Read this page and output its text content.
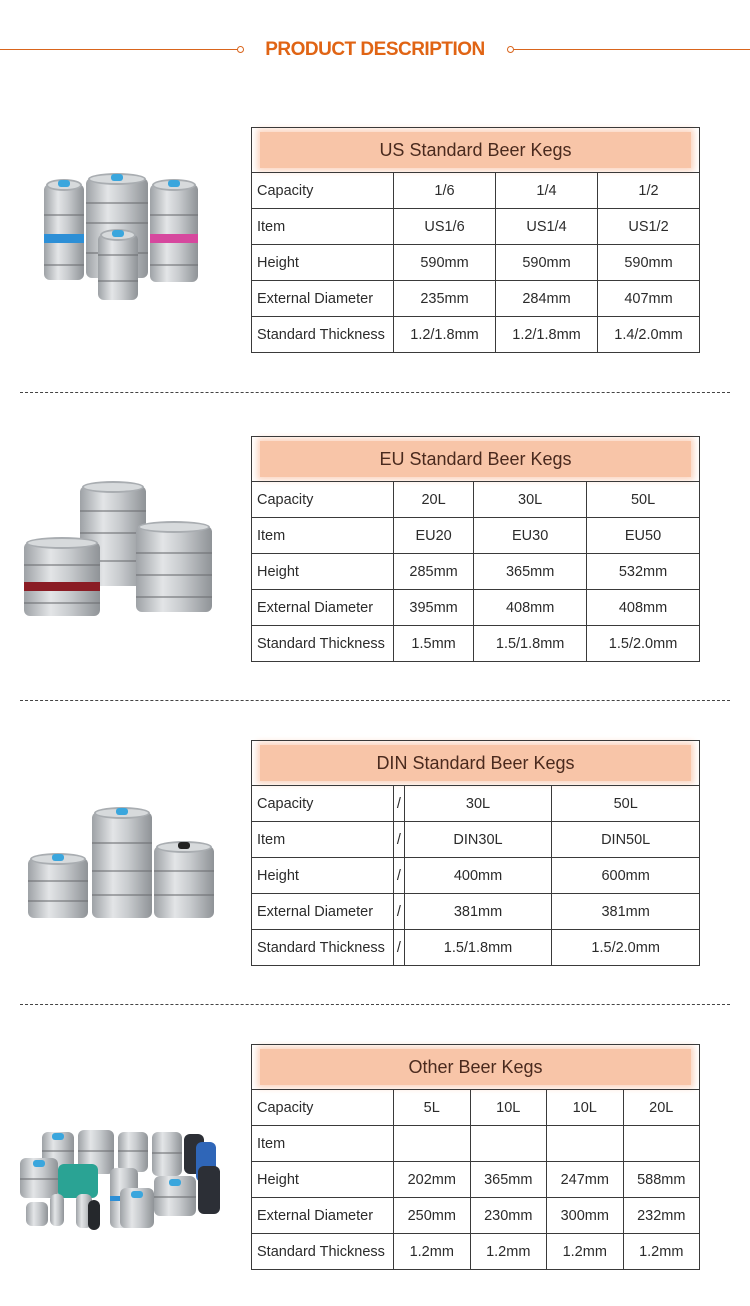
PRODUCT DESCRIPTION
US Standard Beer Kegs			

Capacity	1/6	1/4	1/2
Item	US1/6	US1/4	US1/2
Height	590mm	590mm	590mm
External Diameter	235mm	284mm	407mm
Standard Thickness	1.2/1.8mm	1.2/1.8mm	1.4/2.0mm
EU Standard Beer Kegs			

Capacity	20L	30L	50L
Item	EU20	EU30	EU50
Height	285mm	365mm	532mm
External Diameter	395mm	408mm	408mm
Standard Thickness	1.5mm	1.5/1.8mm	1.5/2.0mm
DIN Standard Beer Kegs			

Capacity	/	30L	50L
Item	/	DIN30L	DIN50L
Height	/	400mm	600mm
External Diameter	/	381mm	381mm
Standard Thickness	/	1.5/1.8mm	1.5/2.0mm
Other Beer Kegs				

Capacity	5L	10L	10L	20L
Item				
Height	202mm	365mm	247mm	588mm
External Diameter	250mm	230mm	300mm	232mm
Standard Thickness	1.2mm	1.2mm	1.2mm	1.2mm
